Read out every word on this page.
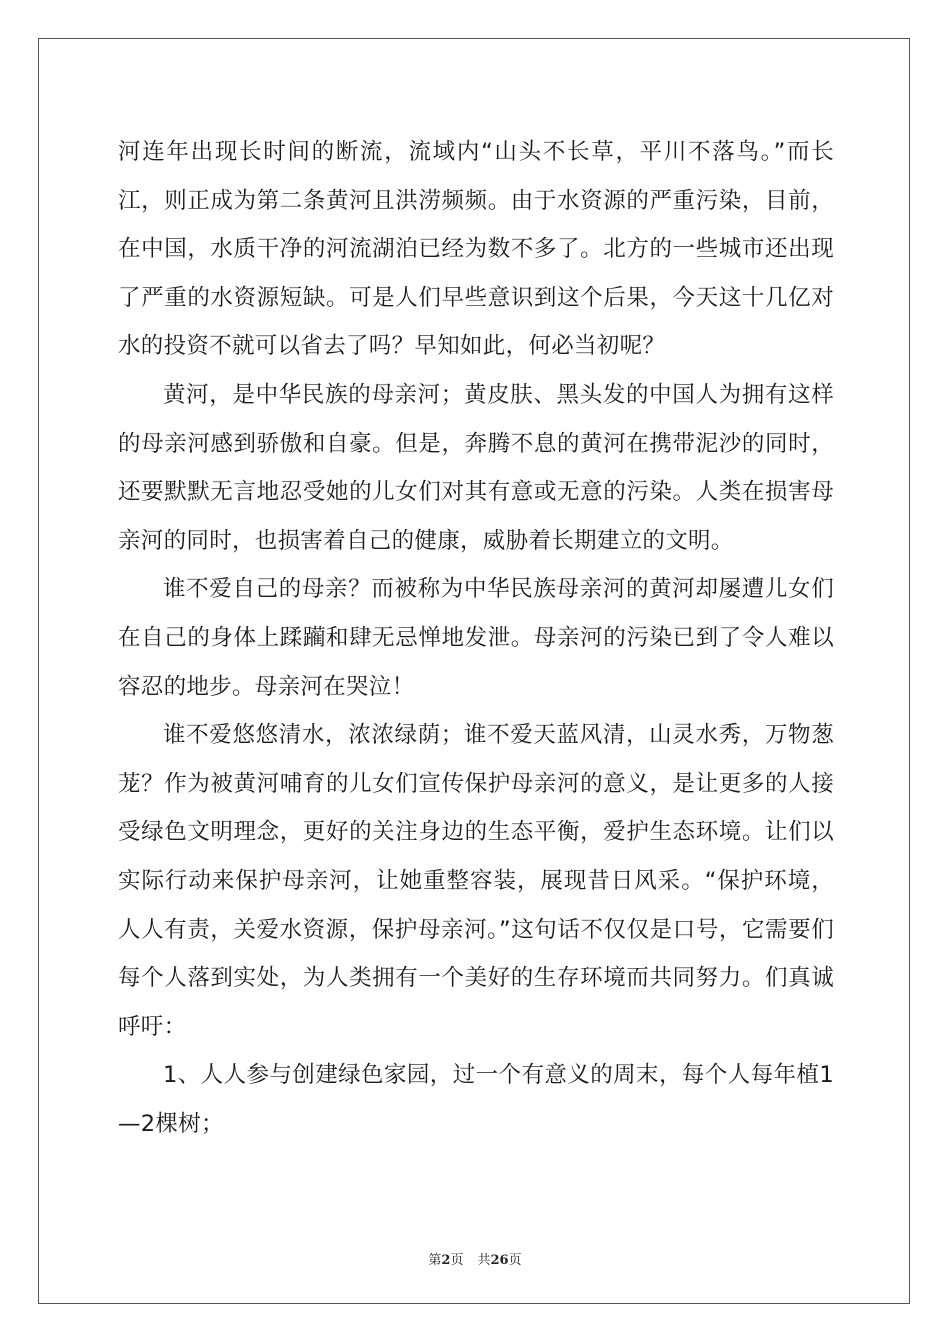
河连年出现长时间的断流，流域内“山头不长草，平川不落鸟。”而长江，则正成为第二条黄河且洪涝频频。由于水资源的严重污染，目前，在中国，水质干净的河流湖泊已经为数不多了。北方的一些城市还出现了严重的水资源短缺。可是人们早些意识到这个后果，今天这十几亿对水的投资不就可以省去了吗？早知如此，何必当初呢？

黄河，是中华民族的母亲河；黄皮肤、黑头发的中国人为拥有这样的母亲河感到骄傲和自豪。但是，奔腾不息的黄河在携带泥沙的同时，还要默默无言地忍受她的儿女们对其有意或无意的污染。人类在损害母亲河的同时，也损害着自己的健康，威胁着长期建立的文明。

谁不爱自己的母亲？而被称为中华民族母亲河的黄河却屡遭儿女们在自己的身体上蹂躏和肆无忌惮地发泄。母亲河的污染已到了令人难以容忍的地步。母亲河在哭泣！

谁不爱悠悠清水，浓浓绿荫；谁不爱天蓝风清，山灵水秀，万物葱茏？作为被黄河哺育的儿女们宣传保护母亲河的意义，是让更多的人接受绿色文明理念，更好的关注身边的生态平衡，爱护生态环境。让们以实际行动来保护母亲河，让她重整容装，展现昔日风采。“保护环境，人人有责，关爱水资源，保护母亲河。”这句话不仅仅是口号，它需要们每个人落到实处，为人类拥有一个美好的生存环境而共同努力。们真诚呼吁：

1、人人参与创建绿色家园，过一个有意义的周末，每个人每年植1—2棵树；

第2页 共26页
